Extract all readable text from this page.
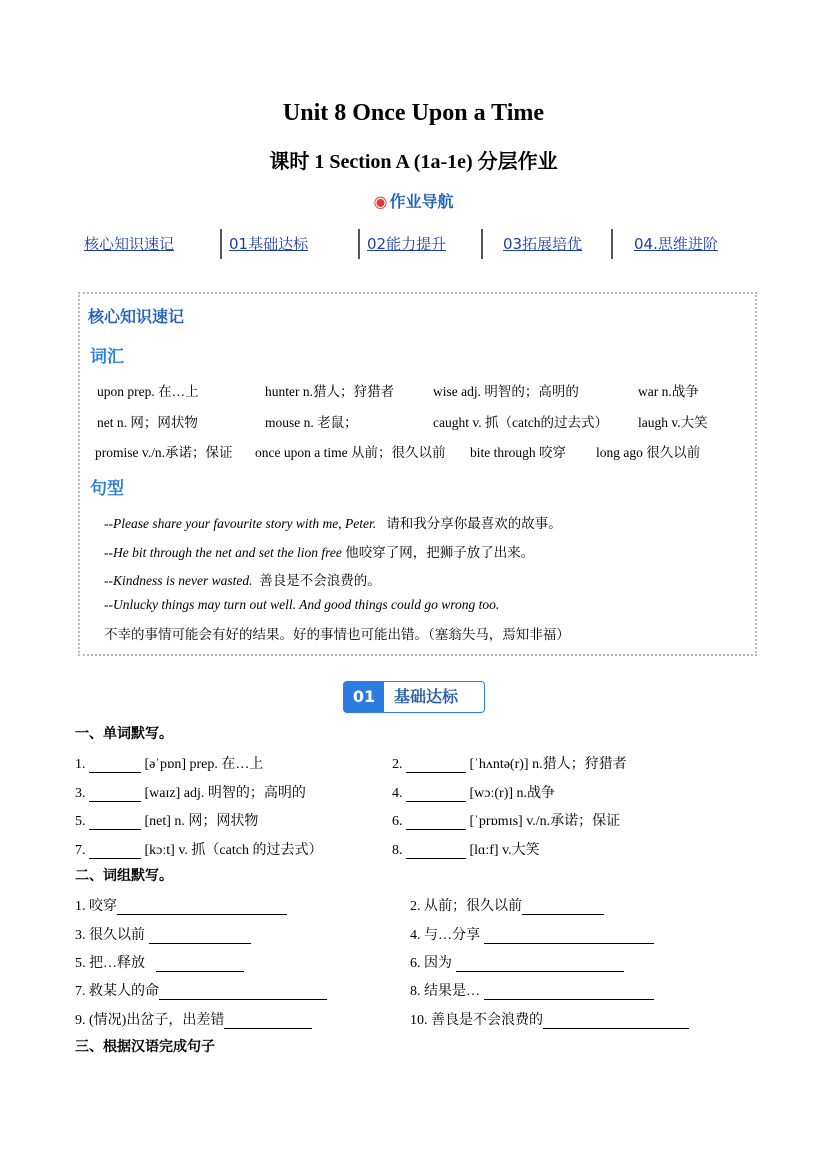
Unit 8 Once Upon a Time
课时 1 Section A (1a-1e) 分层作业
◉ 作业导航
核心知识速记	01基础达标	02能力提升	03拓展培优	04.思维进阶
核心知识速记
词汇
upon prep. 在…上	hunter n.猎人；狩猎者	wise adj. 明智的；高明的	war n.战争
net n. 网；网状物	mouse n. 老鼠；	caught v. 抓（catch的过去式） laugh v.大笑
promise v./n.承诺；保证 once upon a time 从前；很久以前 bite through 咬穿 long ago 很久以前
句型
--Please share your favourite story with me, Peter. 请和我分享你最喜欢的故事。
--He bit through the net and set the lion free 他咬穿了网，把狮子放了出来。
--Kindness is never wasted. 善良是不会浪费的。
--Unlucky things may turn out well. And good things could go wrong too.
不幸的事情可能会有好的结果。好的事情也可能出错。（塞翁失马，焉知非福）
01	基础达标
一、单词默写。
1.	[əˈpɒn] prep. 在…上	2.	[ˈhʌntə(r)] n.猎人；狩猎者
3.	[waɪz] adj. 明智的；高明的	4.	[wɔː(r)] n.战争
5.	[net] n. 网；网状物	6.	[ˈprɒmɪs] v./n.承诺；保证
7.	[kɔːt] v. 抓（catch 的过去式）	8.	[lɑːf] v.大笑
二、词组默写。
1. 咬穿	2. 从前；很久以前
3. 很久以前	4. 与…分享
5. 把…释放	6. 因为
7. 救某人的命	8. 结果是…
9. (情况)出岔子，出差错	10. 善良是不会浪费的
三、根据汉语完成句子
